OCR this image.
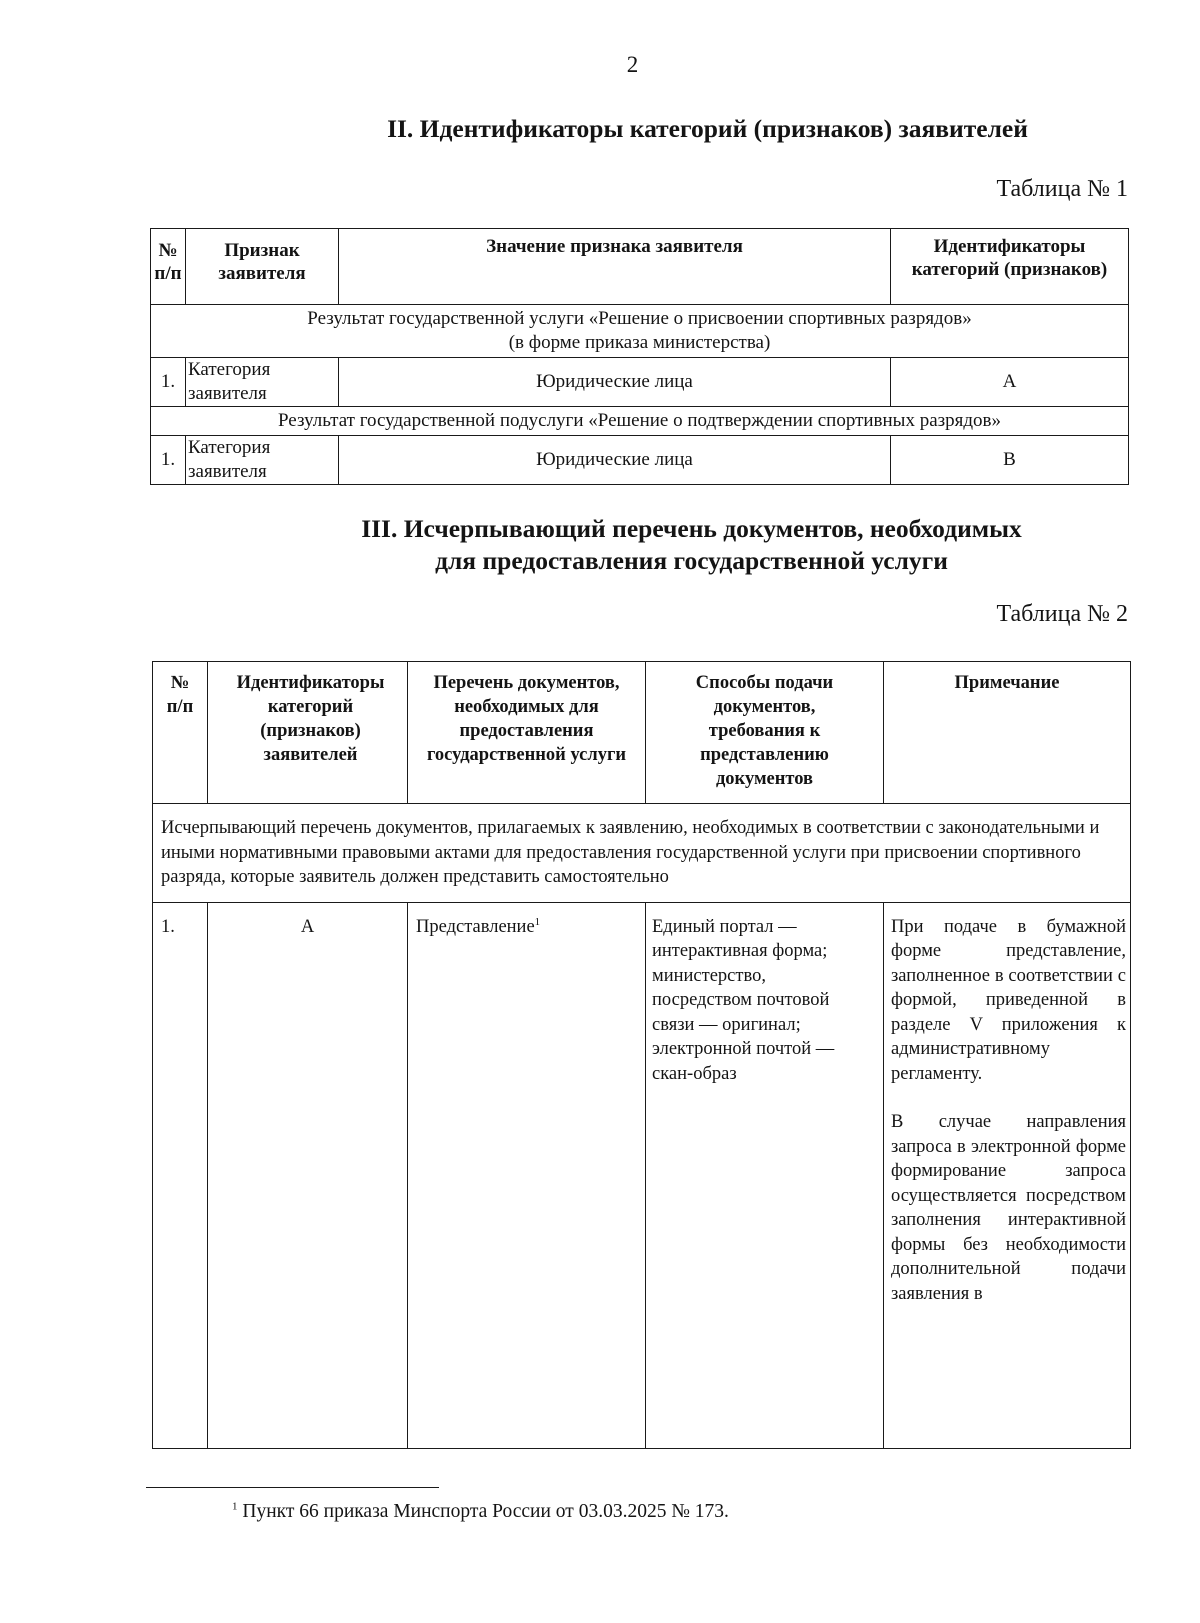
2
II. Идентификаторы категорий (признаков) заявителей
Таблица № 1
№
п/п	Признак заявителя	Значение признака заявителя	Идентификаторы категорий (признаков)

Результат государственной услуги «Решение о присвоении спортивных разрядов»
(в форме приказа министерства)			

1.	Категория заявителя	Юридические лица	А
Результат государственной подуслуги «Решение о подтверждении спортивных разрядов»			
1.	Категория заявителя	Юридические лица	В
III. Исчерпывающий перечень документов, необходимых
для предоставления государственной услуги
Таблица № 2
№
п/п	Идентификаторы категорий (признаков) заявителей	Перечень документов, необходимых для предоставления государственной услуги	Способы подачи документов, требования к представлению документов	Примечание
Исчерпывающий перечень документов, прилагаемых к заявлению, необходимых в соответствии с законодательными и иными нормативными правовыми актами для предоставления государственной услуги при присвоении спортивного разряда, которые заявитель должен представить самостоятельно				
1.	А	Представление$^1$	Единый портал — интерактивная форма; министерство, посредством почтовой связи — оригинал; электронной почтой — скан-образ	При подаче в бумажной форме представление, заполненное в соответствии с формой, приведенной в разделе V приложения к административному регламенту.
В случае направления запроса в электронной форме формирование запроса осуществляется посредством заполнения интерактивной формы без необходимости дополнительной подачи заявления в
$^1$ Пункт 66 приказа Минспорта России от 03.03.2025 № 173.
